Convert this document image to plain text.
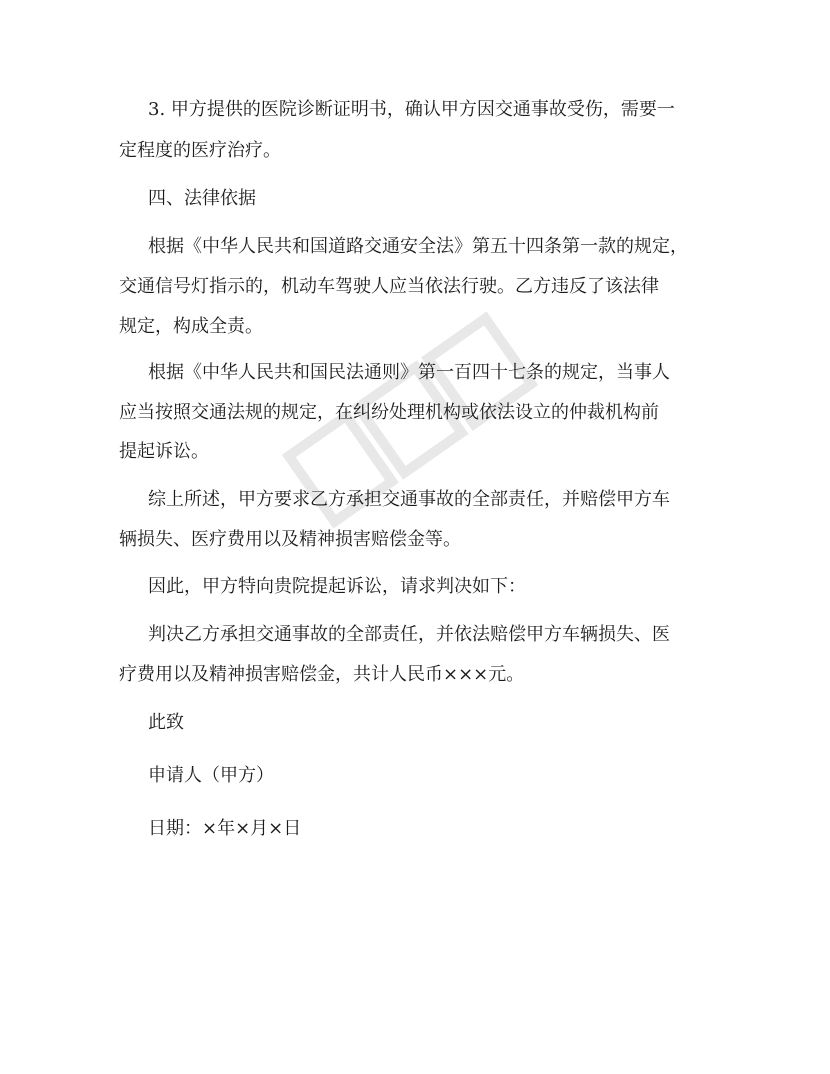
3. 甲方提供的医院诊断证明书，确认甲方因交通事故受伤，需要一

定程度的医疗治疗。

四、法律依据

根据《中华人民共和国道路交通安全法》第五十四条第一款的规定，

交通信号灯指示的，机动车驾驶人应当依法行驶。乙方违反了该法律

规定，构成全责。

根据《中华人民共和国民法通则》第一百四十七条的规定，当事人

应当按照交通法规的规定，在纠纷处理机构或依法设立的仲裁机构前

提起诉讼。

综上所述，甲方要求乙方承担交通事故的全部责任，并赔偿甲方车

辆损失、医疗费用以及精神损害赔偿金等。

因此，甲方特向贵院提起诉讼，请求判决如下：

判决乙方承担交通事故的全部责任，并依法赔偿甲方车辆损失、医

疗费用以及精神损害赔偿金，共计人民币×××元。

此致

申请人（甲方）

日期：×年×月×日
